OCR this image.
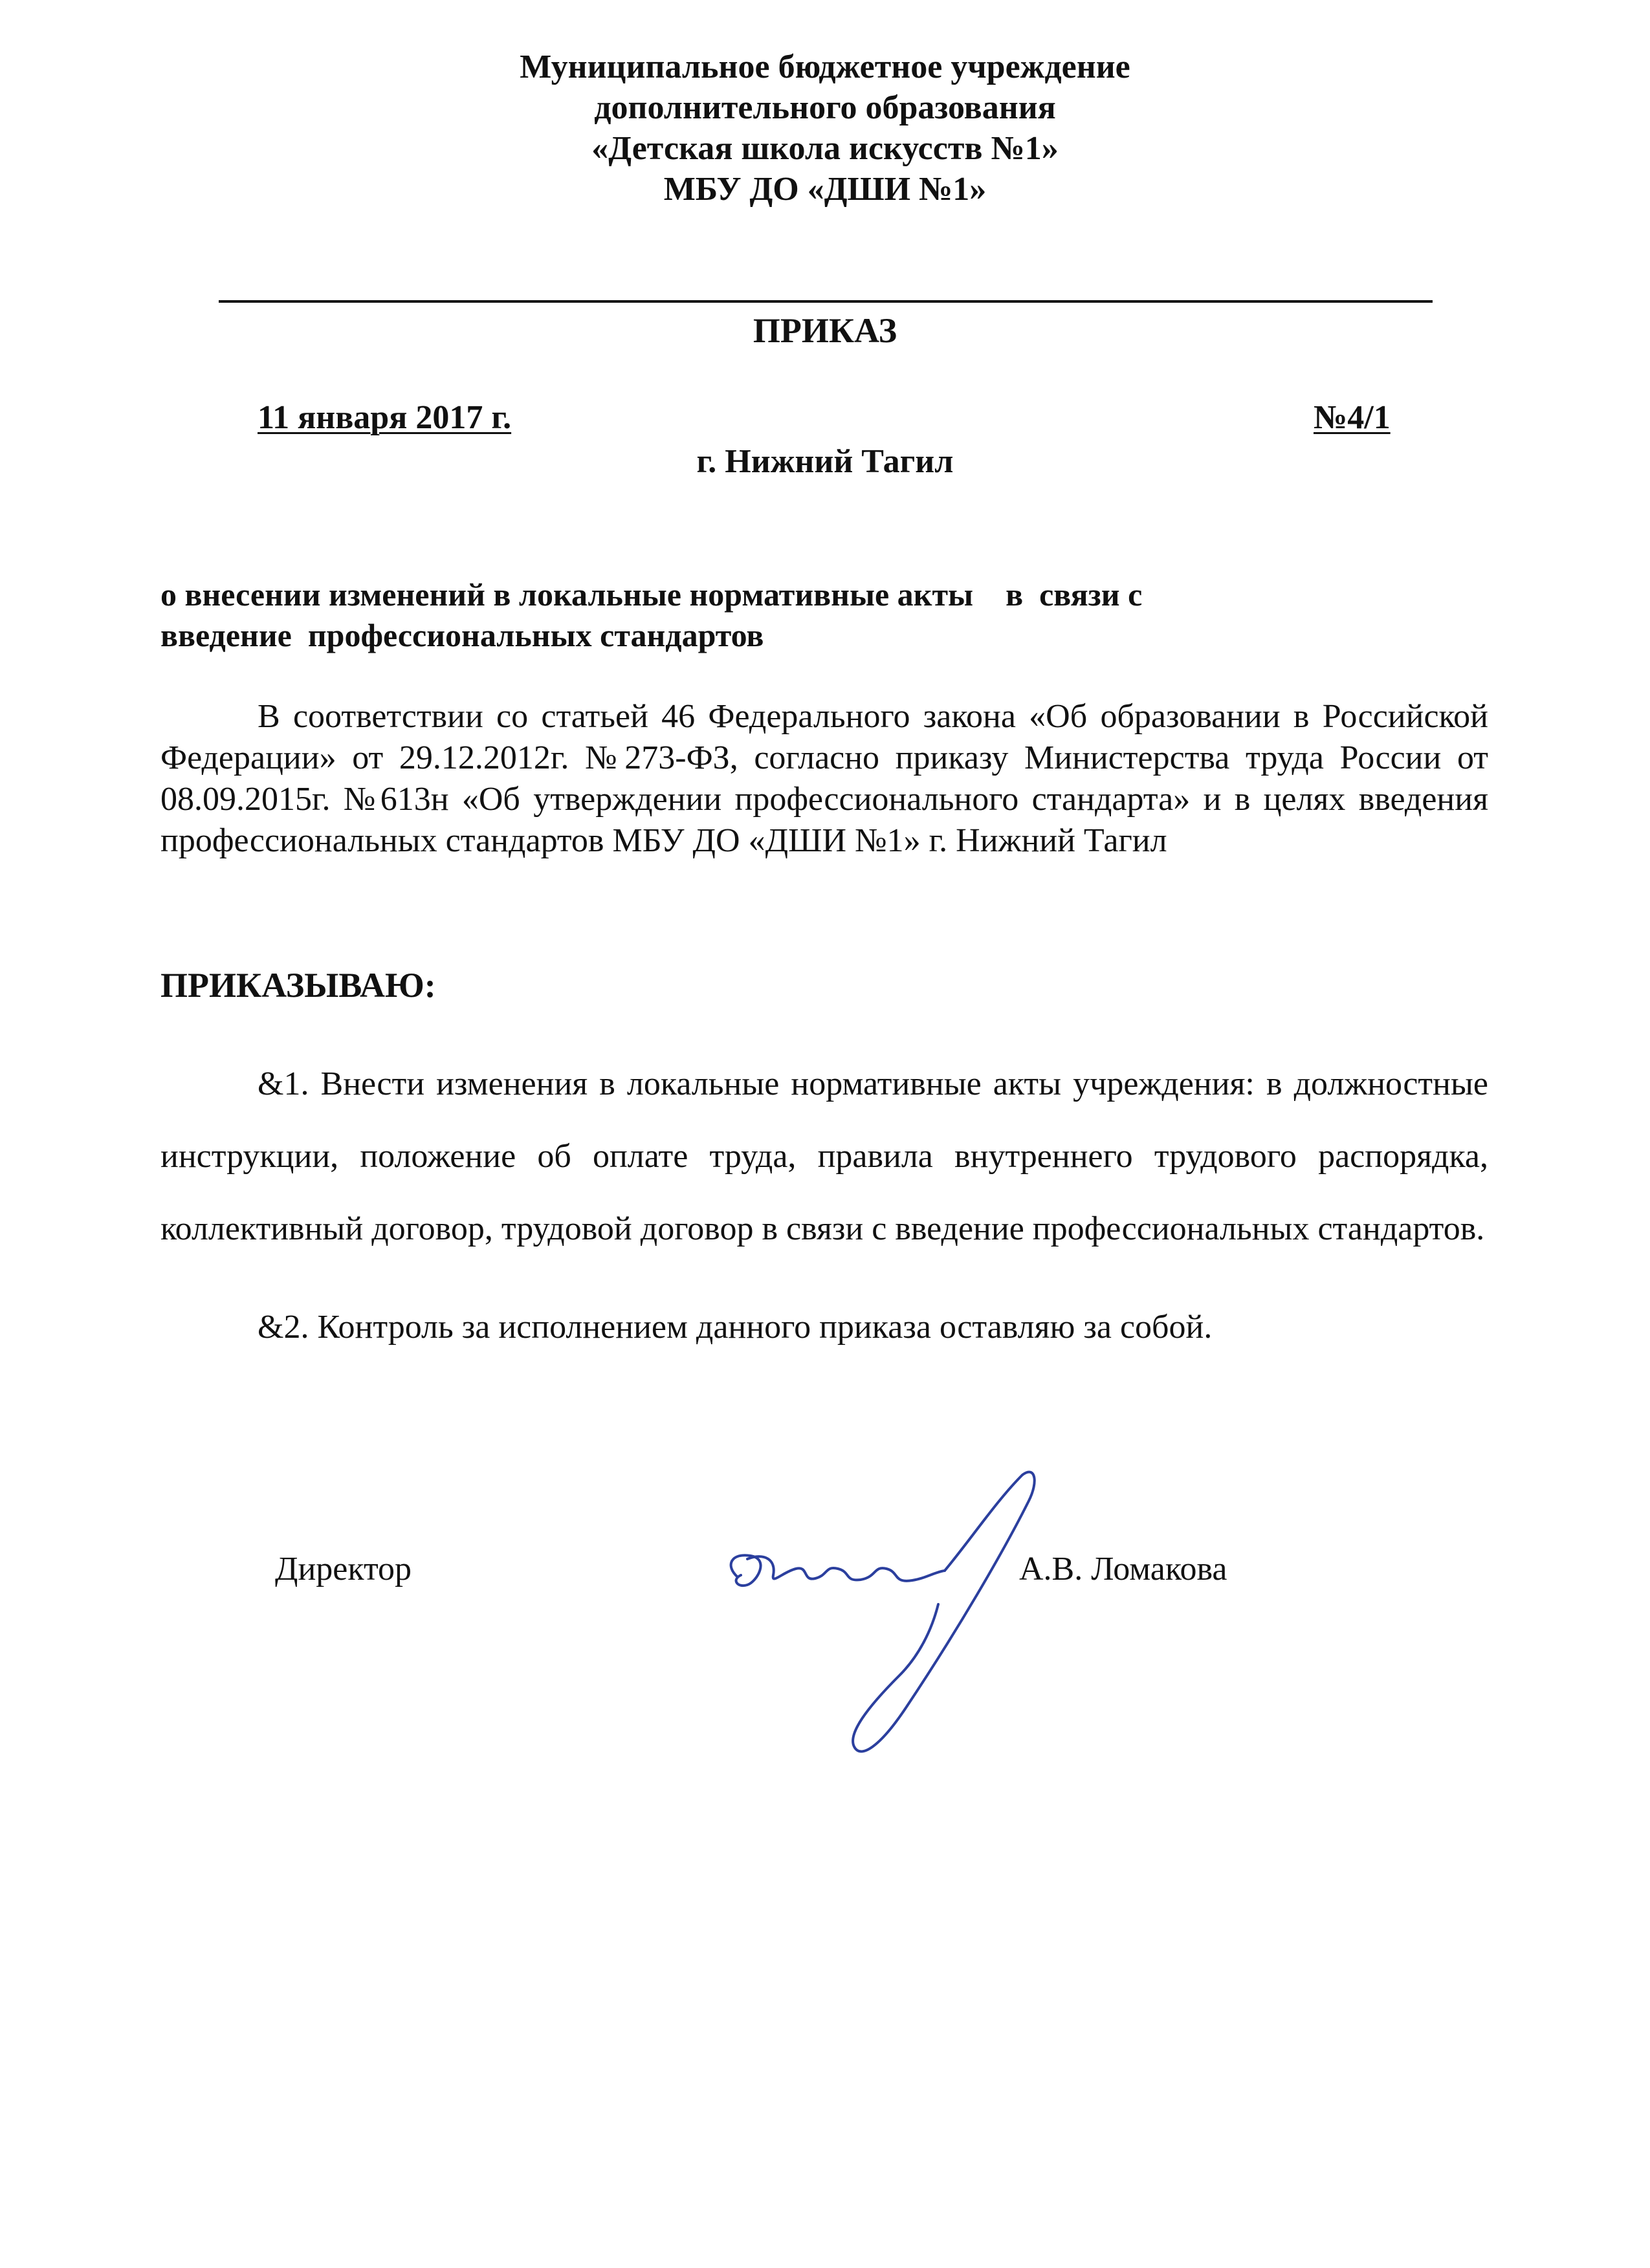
Муниципальное бюджетное учреждение
дополнительного образования
«Детская школа искусств №1»
МБУ ДО «ДШИ №1»
ПРИКАЗ
11 января 2017 г.	№4/1
г. Нижний Тагил
о внесении изменений в локальные нормативные акты    в  связи с
введение  профессиональных стандартов
В соответствии со статьей 46 Федерального закона «Об образовании в Российской Федерации» от 29.12.2012г. №273-ФЗ, согласно приказу Министерства труда России от 08.09.2015г. №613н «Об утверждении профессионального стандарта» и в целях введения профессиональных стандартов МБУ ДО «ДШИ №1» г. Нижний Тагил
ПРИКАЗЫВАЮ:
&1. Внести изменения в локальные нормативные акты учреждения: в должностные инструкции, положение об оплате труда, правила внутреннего трудового распорядка, коллективный договор, трудовой договор в связи с введение профессиональных стандартов.
&2. Контроль за исполнением данного приказа оставляю за собой.
Директор	А.В. Ломакова
